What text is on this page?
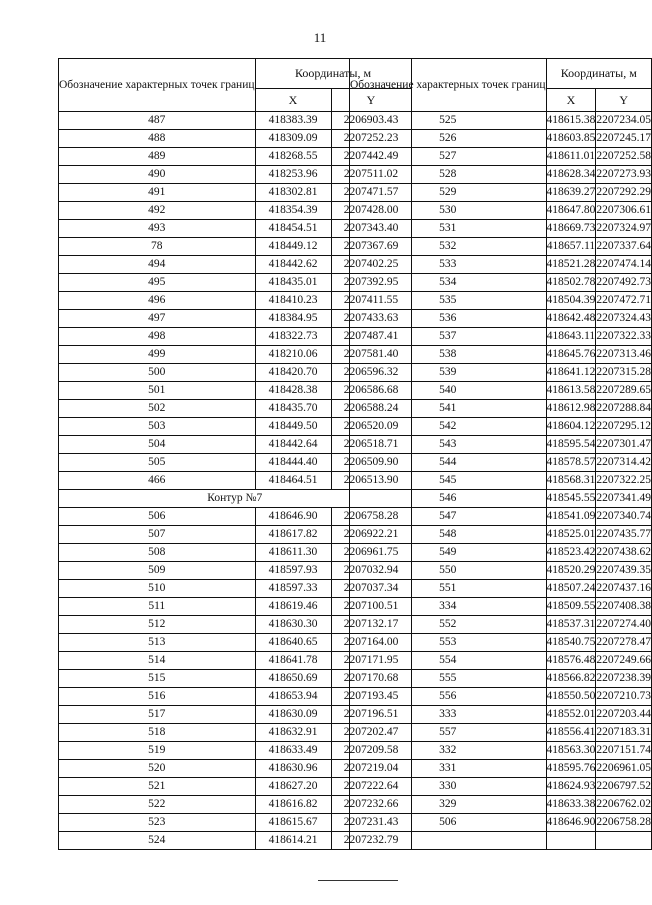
11
Обозначение характерных точек границ	Координаты, м	
	X	Y
487	418383.39	2206903.43
488	418309.09	2207252.23
489	418268.55	2207442.49
490	418253.96	2207511.02
491	418302.81	2207471.57
492	418354.39	2207428.00
493	418454.51	2207343.40
78	418449.12	2207367.69
494	418442.62	2207402.25
495	418435.01	2207392.95
496	418410.23	2207411.55
497	418384.95	2207433.63
498	418322.73	2207487.41
499	418210.06	2207581.40
500	418420.70	2206596.32
501	418428.38	2206586.68
502	418435.70	2206588.24
503	418449.50	2206520.09
504	418442.64	2206518.71
505	418444.40	2206509.90
466	418464.51	2206513.90
Контур №7		
506	418646.90	2206758.28
507	418617.82	2206922.21
508	418611.30	2206961.75
509	418597.93	2207032.94
510	418597.33	2207037.34
511	418619.46	2207100.51
512	418630.30	2207132.17
513	418640.65	2207164.00
514	418641.78	2207171.95
515	418650.69	2207170.68
516	418653.94	2207193.45
517	418630.09	2207196.51
518	418632.91	2207202.47
519	418633.49	2207209.58
520	418630.96	2207219.04
521	418627.20	2207222.64
522	418616.82	2207232.66
523	418615.67	2207231.43
524	418614.21	2207232.79
Обозначение характерных точек границ	Координаты, м	
	X	Y
525	418615.38	2207234.05
526	418603.85	2207245.17
527	418611.01	2207252.58
528	418628.34	2207273.93
529	418639.27	2207292.29
530	418647.80	2207306.61
531	418669.73	2207324.97
532	418657.11	2207337.64
533	418521.28	2207474.14
534	418502.78	2207492.73
535	418504.39	2207472.71
536	418642.48	2207324.43
537	418643.11	2207322.33
538	418645.76	2207313.46
539	418641.12	2207315.28
540	418613.58	2207289.65
541	418612.98	2207288.84
542	418604.12	2207295.12
543	418595.54	2207301.47
544	418578.57	2207314.42
545	418568.31	2207322.25
546	418545.55	2207341.49
547	418541.09	2207340.74
548	418525.01	2207435.77
549	418523.42	2207438.62
550	418520.29	2207439.35
551	418507.24	2207437.16
334	418509.55	2207408.38
552	418537.31	2207274.40
553	418540.75	2207278.47
554	418576.48	2207249.66
555	418566.82	2207238.39
556	418550.50	2207210.73
333	418552.01	2207203.44
557	418556.41	2207183.31
332	418563.30	2207151.74
331	418595.76	2206961.05
330	418624.93	2206797.52
329	418633.38	2206762.02
506	418646.90	2206758.28
